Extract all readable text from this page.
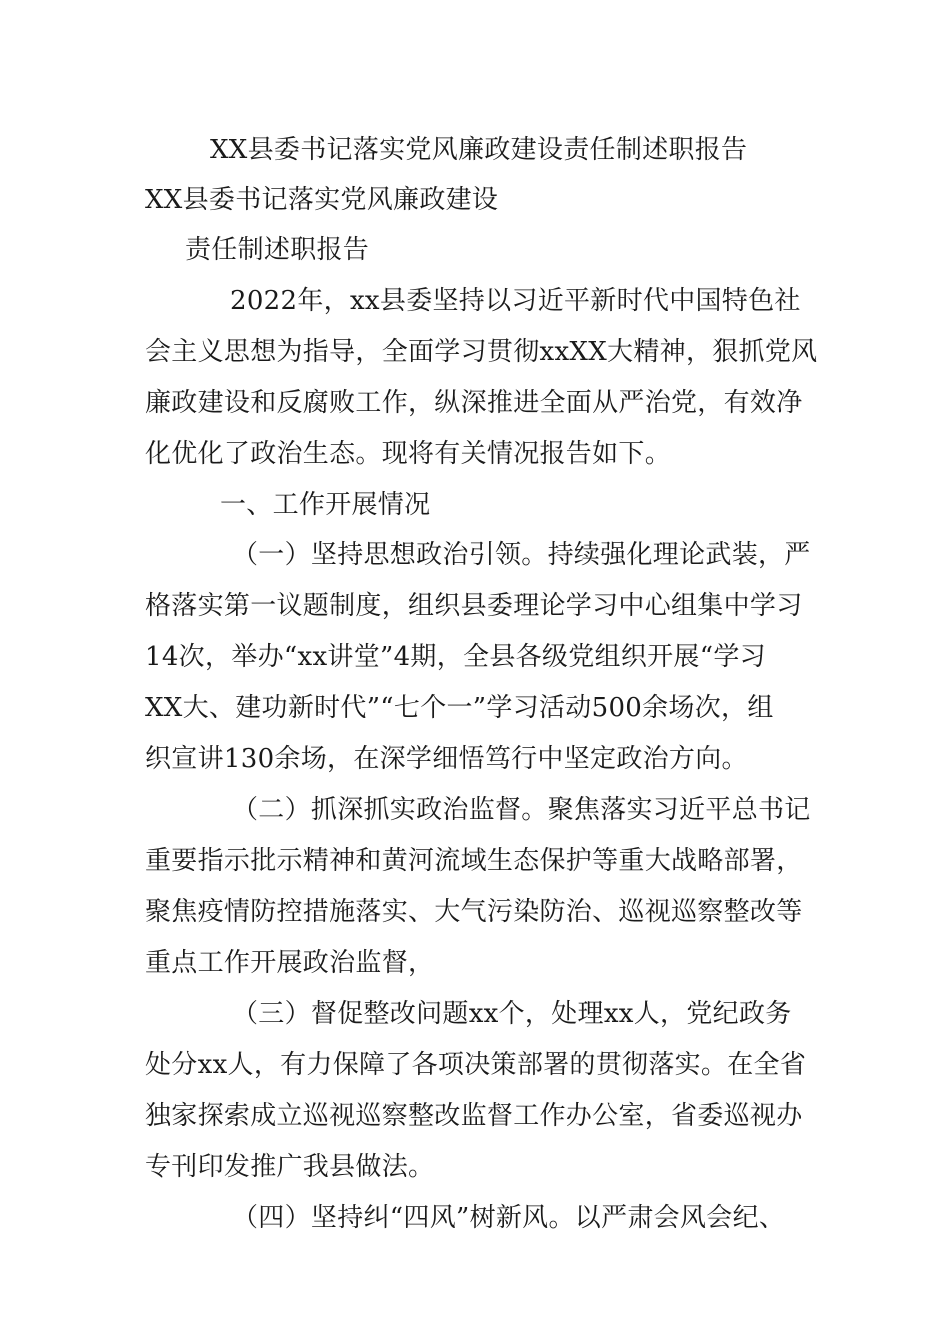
XX县委书记落实党风廉政建设责任制述职报告
XX县委书记落实党风廉政建设
责任制述职报告
2022年，xx县委坚持以习近平新时代中国特色社
会主义思想为指导，全面学习贯彻xxXX大精神，狠抓党风
廉政建设和反腐败工作，纵深推进全面从严治党，有效净
化优化了政治生态。现将有关情况报告如下。
一、工作开展情况
（一）坚持思想政治引领。持续强化理论武装，严
格落实第一议题制度，组织县委理论学习中心组集中学习
14次，举办“xx讲堂”4期，全县各级党组织开展“学习
XX大、建功新时代”“七个一”学习活动500余场次，组
织宣讲130余场，在深学细悟笃行中坚定政治方向。
（二）抓深抓实政治监督。聚焦落实习近平总书记
重要指示批示精神和黄河流域生态保护等重大战略部署，
聚焦疫情防控措施落实、大气污染防治、巡视巡察整改等
重点工作开展政治监督，
（三）督促整改问题xx个，处理xx人，党纪政务
处分xx人，有力保障了各项决策部署的贯彻落实。在全省
独家探索成立巡视巡察整改监督工作办公室，省委巡视办
专刊印发推广我县做法。
（四）坚持纠“四风”树新风。以严肃会风会纪、
